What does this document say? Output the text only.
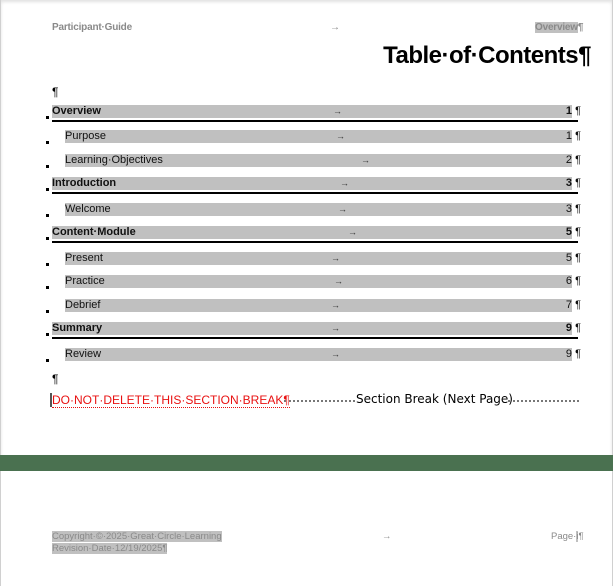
Participant·Guide	→	Overview¶
Table·of·Contents¶
¶
Overview	→	1 ¶
Purpose	→	1 ¶
Learning·Objectives	→	2 ¶
Introduction	→	3 ¶
Welcome	→	3 ¶
Content·Module	→	5 ¶
Present	→	5 ¶
Practice	→	6 ¶
Debrief	→	7 ¶
Summary	→	9 ¶
Review	→	9 ¶
¶
DO·NOT·DELETE·THIS·SECTION·BREAK¶	Section Break (Next Page)
Copyright·©·2025·Great·Circle·Learning
Revision·Date·12/19/2025¶
→	Page·i¶
